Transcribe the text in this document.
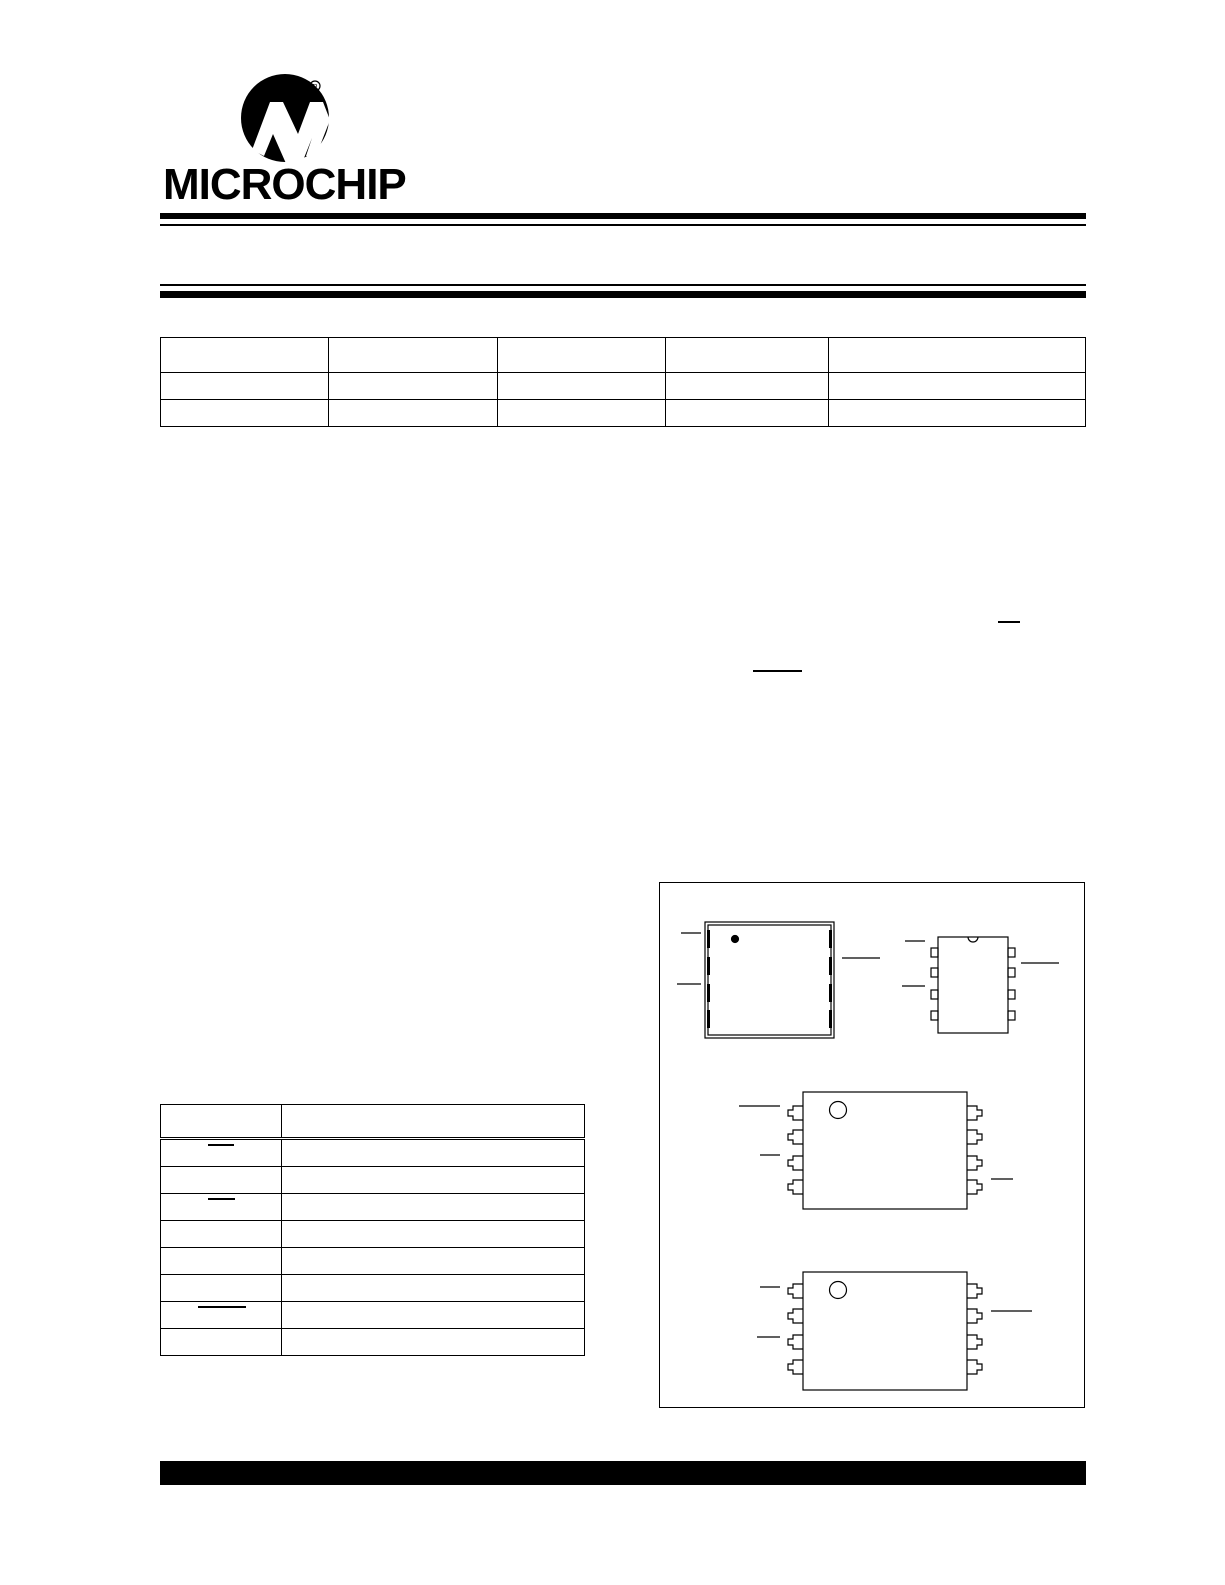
R
MICROCHIP
